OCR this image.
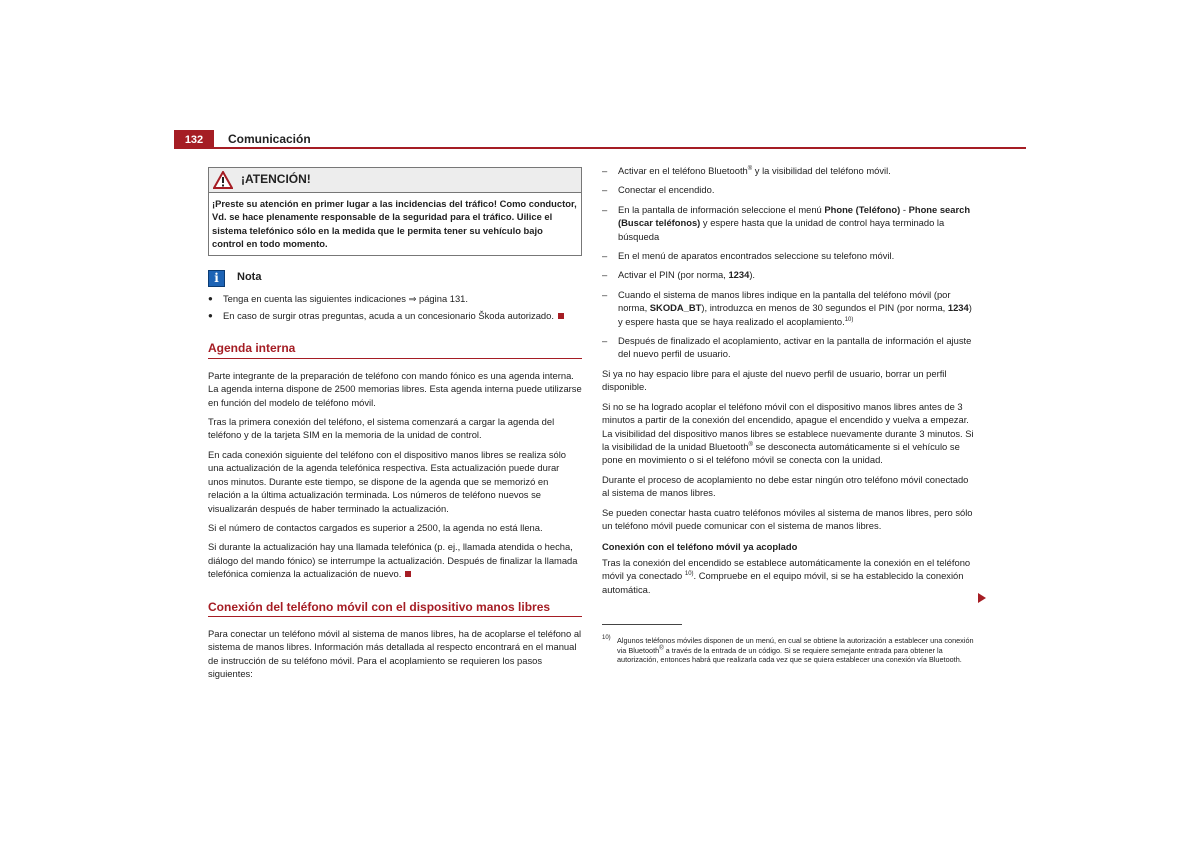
132	Comunicación
¡ATENCIÓN!
¡Preste su atención en primer lugar a las incidencias del tráfico! Como conductor, Vd. se hace plenamente responsable de la seguridad para el tráfico. Uilice el sistema telefónico sólo en la medida que le permita tener su vehículo bajo control en todo momento.
i	Nota
● Tenga en cuenta las siguientes indicaciones ⇒ página 131.
● En caso de surgir otras preguntas, acuda a un concesionario Škoda autorizado.
Agenda interna

Parte integrante de la preparación de teléfono con mando fónico es una agenda interna. La agenda interna dispone de 2500 memorias libres. Esta agenda interna puede utilizarse en función del modelo de teléfono móvil.

Tras la primera conexión del teléfono, el sistema comenzará a cargar la agenda del teléfono y de la tarjeta SIM en la memoria de la unidad de control.

En cada conexión siguiente del teléfono con el dispositivo manos libres se realiza sólo una actualización de la agenda telefónica respectiva. Esta actualización puede durar unos minutos. Durante este tiempo, se dispone de la agenda que se memorizó en relación a la última actualización terminada. Los números de teléfono nuevos se visualizarán después de haber terminado la actualización.

Si el número de contactos cargados es superior a 2500, la agenda no está llena.

Si durante la actualización hay una llamada telefónica (p. ej., llamada atendida o hecha, diálogo del mando fónico) se interrumpe la actualización. Después de finalizar la llamada telefónica comienza la actualización de nuevo.

Conexión del teléfono móvil con el dispositivo manos libres

Para conectar un teléfono móvil al sistema de manos libres, ha de acoplarse el teléfono al sistema de manos libres. Información más detallada al respecto encontrará en el manual de instrucción de su teléfono móvil. Para el acoplamiento se requieren los pasos siguientes:

– Activar en el teléfono Bluetooth® y la visibilidad del teléfono móvil.
– Conectar el encendido.
– En la pantalla de información seleccione el menú Phone (Teléfono) - Phone search (Buscar teléfonos) y espere hasta que la unidad de control haya terminado la búsqueda
– En el menú de aparatos encontrados seleccione su telefono móvil.
– Activar el PIN (por norma, 1234).
– Cuando el sistema de manos libres indique en la pantalla del teléfono móvil (por norma, SKODA_BT), introduzca en menos de 30 segundos el PIN (por norma, 1234) y espere hasta que se haya realizado el acoplamiento.$^{10)}$
– Después de finalizado el acoplamiento, activar en la pantalla de información el ajuste del nuevo perfil de usuario.

Si ya no hay espacio libre para el ajuste del nuevo perfil de usuario, borrar un perfil disponible.

Si no se ha logrado acoplar el teléfono móvil con el dispositivo manos libres antes de 3 minutos a partir de la conexión del encendido, apague el encendido y vuelva a empezar. La visibilidad del dispositivo manos libres se establece nuevamente durante 3 minutos. Si la visibilidad de la unidad Bluetooth® se desconecta automáticamente si el vehículo se pone en movimiento o si el teléfono móvil se conecta con la unidad.

Durante el proceso de acoplamiento no debe estar ningún otro teléfono móvil conectado al sistema de manos libres.

Se pueden conectar hasta cuatro teléfonos móviles al sistema de manos libres, pero sólo un teléfono móvil puede comunicar con el sistema de manos libres.

Conexión con el teléfono móvil ya acoplado

Tras la conexión del encendido se establece automáticamente la conexión en el teléfono móvil ya conectado $^{10)}$. Compruebe en el equipo móvil, si se ha establecido la conexión automática.

10) Algunos teléfonos móviles disponen de un menú, en cual se obtiene la autorización a establecer una conexión via Bluetooth® a través de la entrada de un código. Si se requiere semejante entrada para obtener la autorización, entonces habrá que realizarla cada vez que se quiera establecer una conexión vía Bluetooth.
